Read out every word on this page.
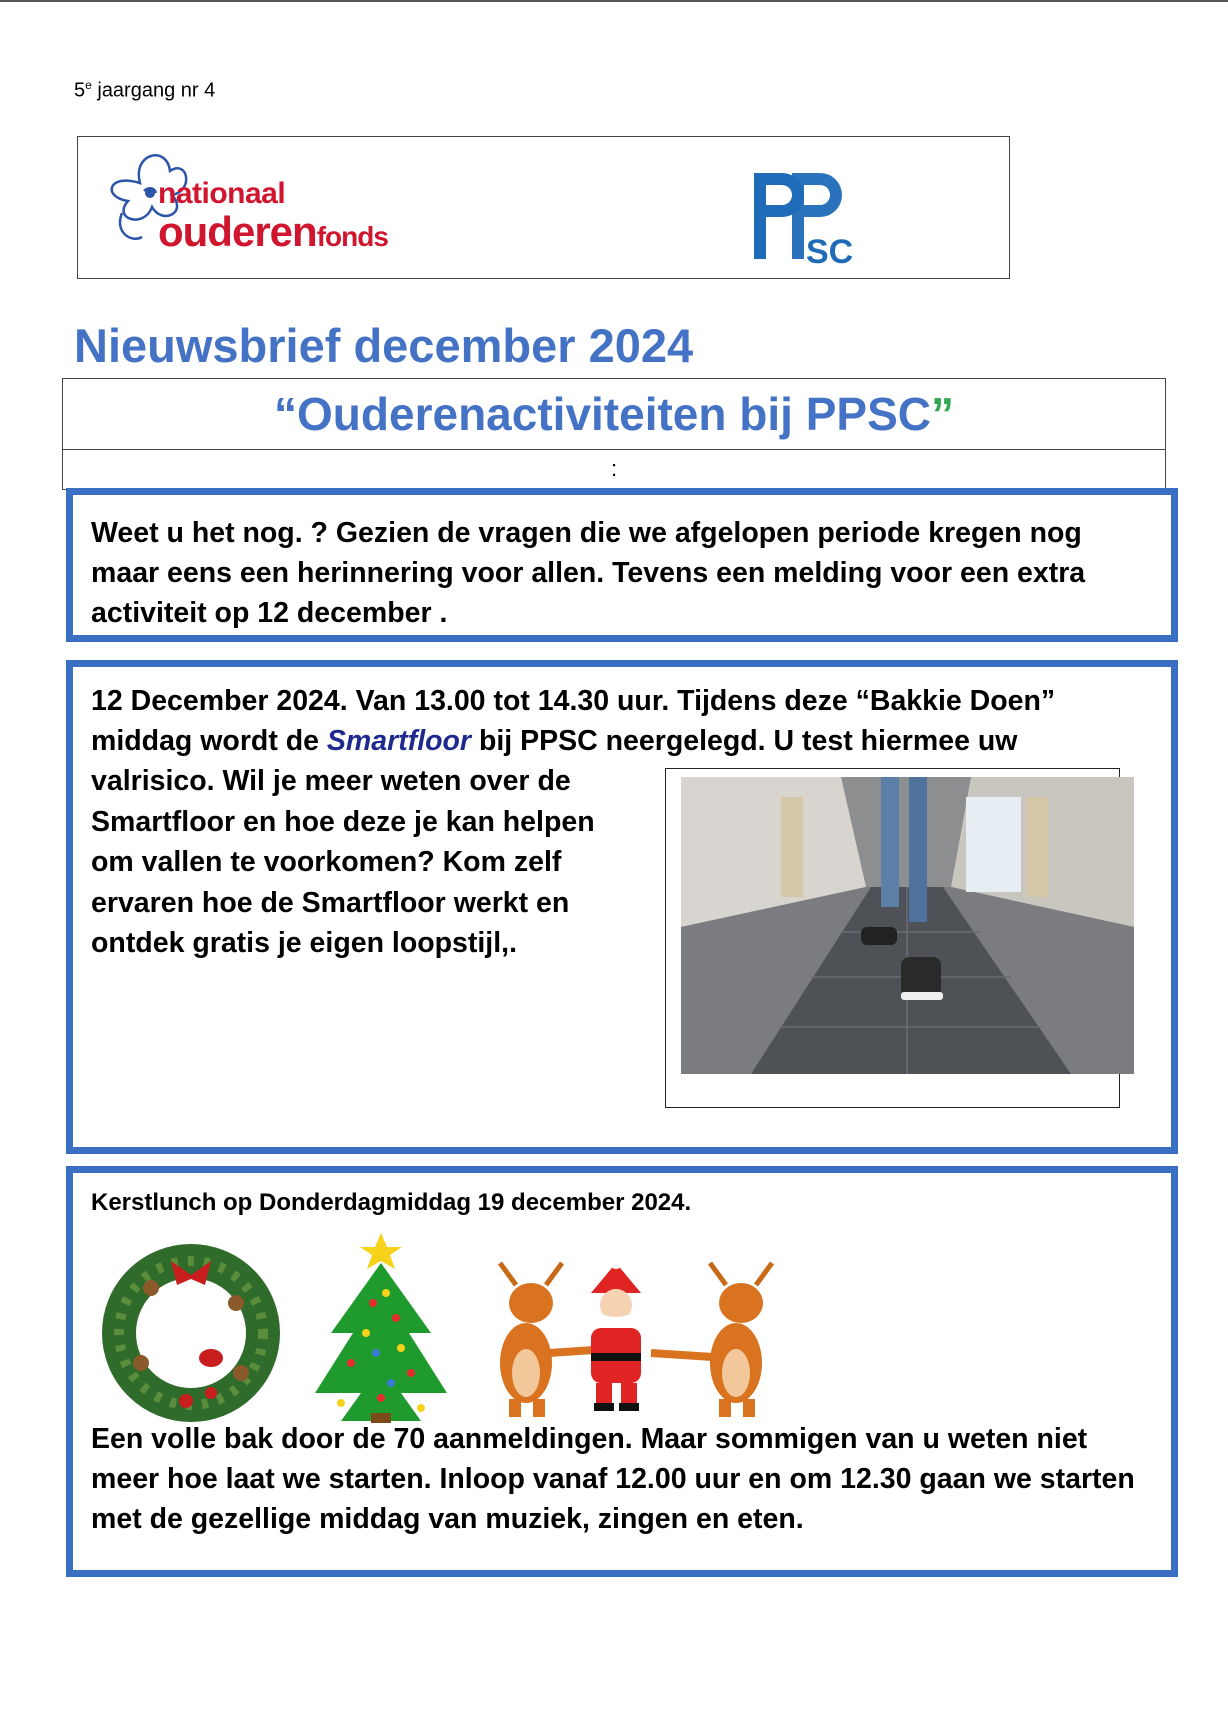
5e jaargang nr 4
nationaal
ouderenfonds	SC
Nieuwsbrief december 2024
“Ouderenactiviteiten bij PPSC”
:
Weet u het nog. ? Gezien de vragen die we afgelopen periode kregen nog maar eens een herinnering voor allen. Tevens een melding voor een extra activiteit op 12 december .
12 December 2024. Van 13.00 tot 14.30 uur. Tijdens deze “Bakkie Doen”
middag wordt de Smartfloor bij PPSC neergelegd. U test hiermee uw
valrisico. Wil je meer weten over de
Smartfloor en hoe deze je kan helpen
om vallen te voorkomen? Kom zelf
ervaren hoe de Smartfloor werkt en
ontdek gratis je eigen loopstijl,.
Kerstlunch op Donderdagmiddag 19 december 2024.
Een volle bak door de 70 aanmeldingen. Maar sommigen van u weten niet meer hoe laat we starten. Inloop vanaf 12.00 uur en om 12.30 gaan we starten met de gezellige middag van muziek, zingen en eten.
